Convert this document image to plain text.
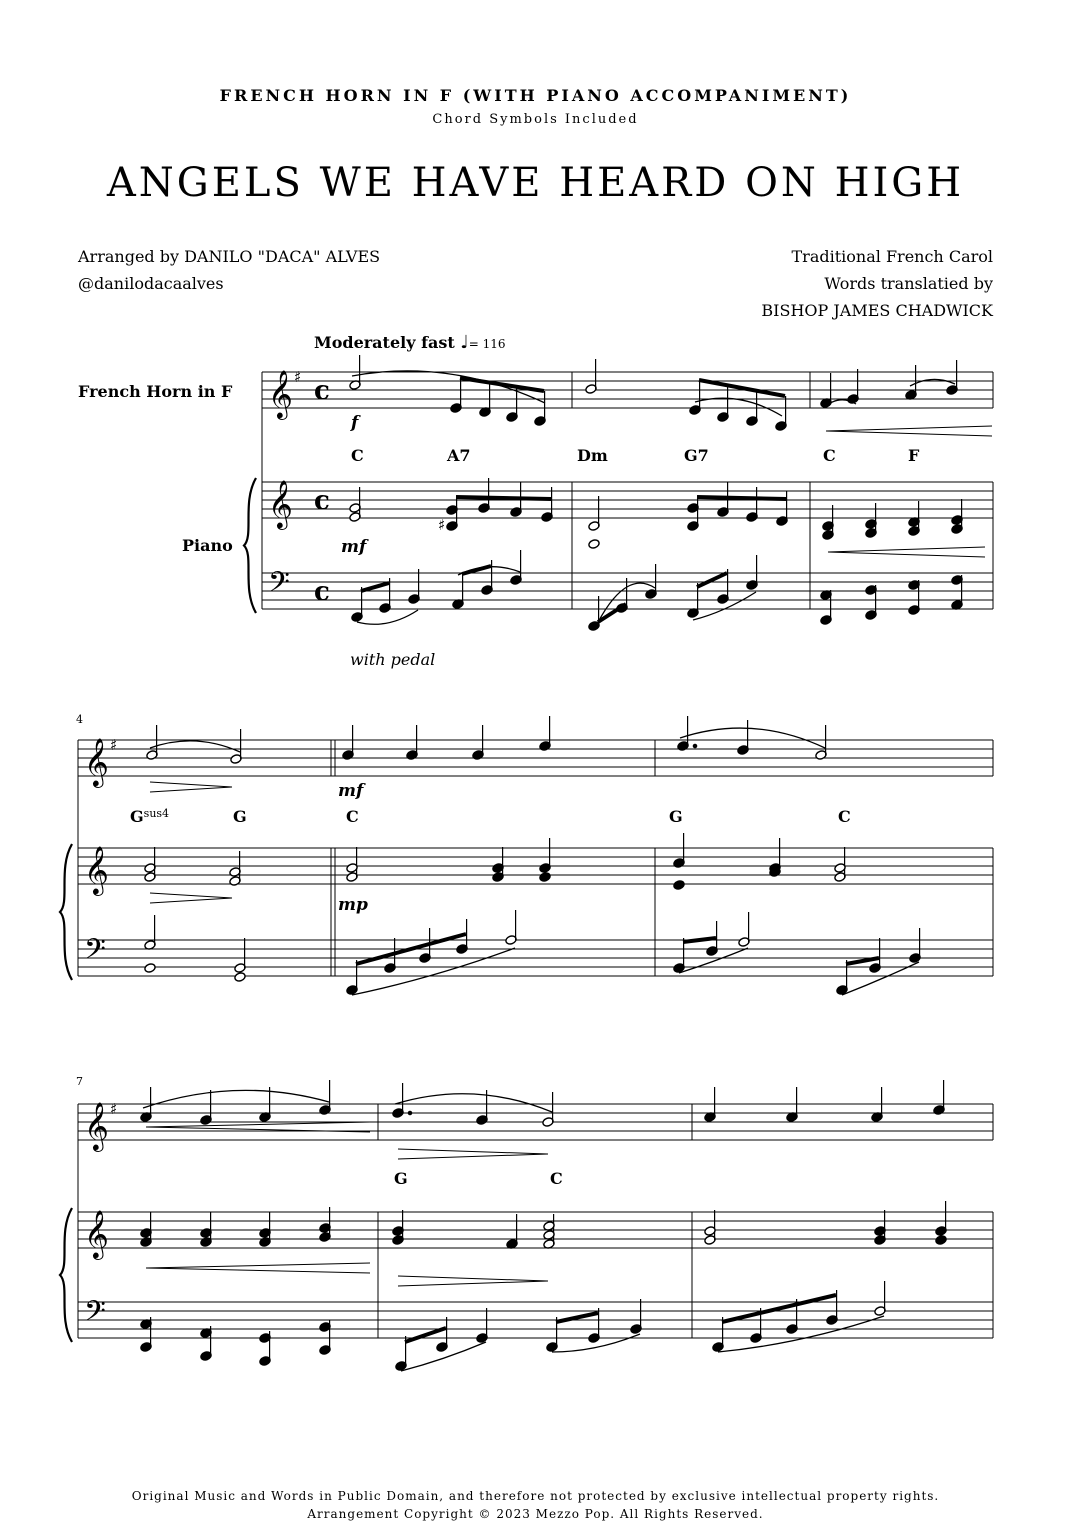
FRENCH HORN IN F (WITH PIANO ACCOMPANIMENT)
Chord Symbols Included
ANGELS WE HAVE HEARD ON HIGH
Arranged by DANILO "DACA" ALVES
@danilodacaalves
Traditional French Carol
Words translatied by
BISHOP JAMES CHADWICK
Moderately fast ♩= 116
French Horn in F
Piano
𝄞
𝄞
𝄢
♯ c
c
c
f
mf
𝄞
𝄞
𝄢
♯
mf
mp
𝄞
𝄞
𝄢
♯
C	A7	Dm	G7	C	F
$G^{sus4}$	G	C	G	C
G	C
4
7
with pedal
♯
Original Music and Words in Public Domain, and therefore not protected by exclusive intellectual property rights.
Arrangement Copyright © 2023 Mezzo Pop. All Rights Reserved.
